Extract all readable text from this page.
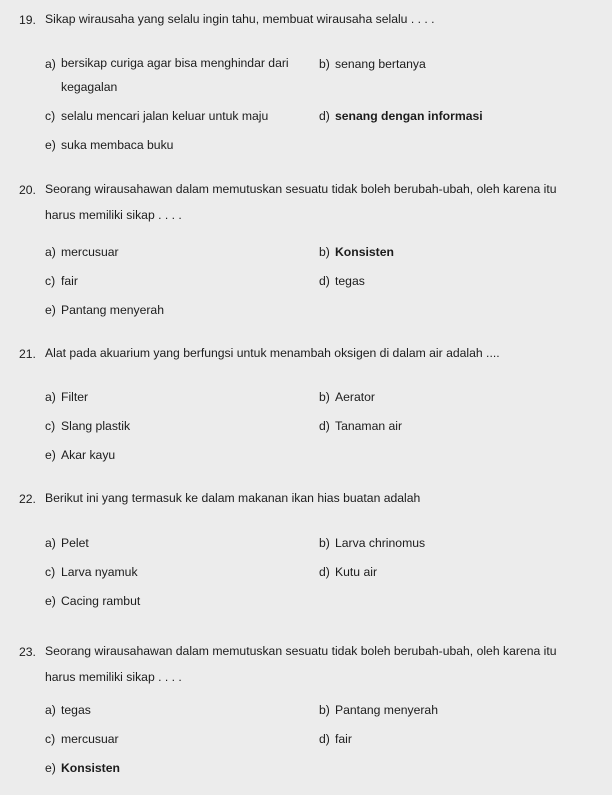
19. Sikap wirausaha yang selalu ingin tahu, membuat wirausaha selalu . . . .
a) bersikap curiga agar bisa menghindar dari
kegagalan
b) senang bertanya
c) selalu mencari jalan keluar untuk maju	d) senang dengan informasi
e) suka membaca buku
20. Seorang wirausahawan dalam memutuskan sesuatu tidak boleh berubah-ubah, oleh karena itu
harus memiliki sikap . . . .
a) mercusuar	b) Konsisten
c) fair	d) tegas
e) Pantang menyerah
21. Alat pada akuarium yang berfungsi untuk menambah oksigen di dalam air adalah ....
a) Filter	b) Aerator
c) Slang plastik	d) Tanaman air
e) Akar kayu
22. Berikut ini yang termasuk ke dalam makanan ikan hias buatan adalah
a) Pelet	b) Larva chrinomus
c) Larva nyamuk	d) Kutu air
e) Cacing rambut
23. Seorang wirausahawan dalam memutuskan sesuatu tidak boleh berubah-ubah, oleh karena itu
harus memiliki sikap . . . .
a) tegas	b) Pantang menyerah
c) mercusuar	d) fair
e) Konsisten
